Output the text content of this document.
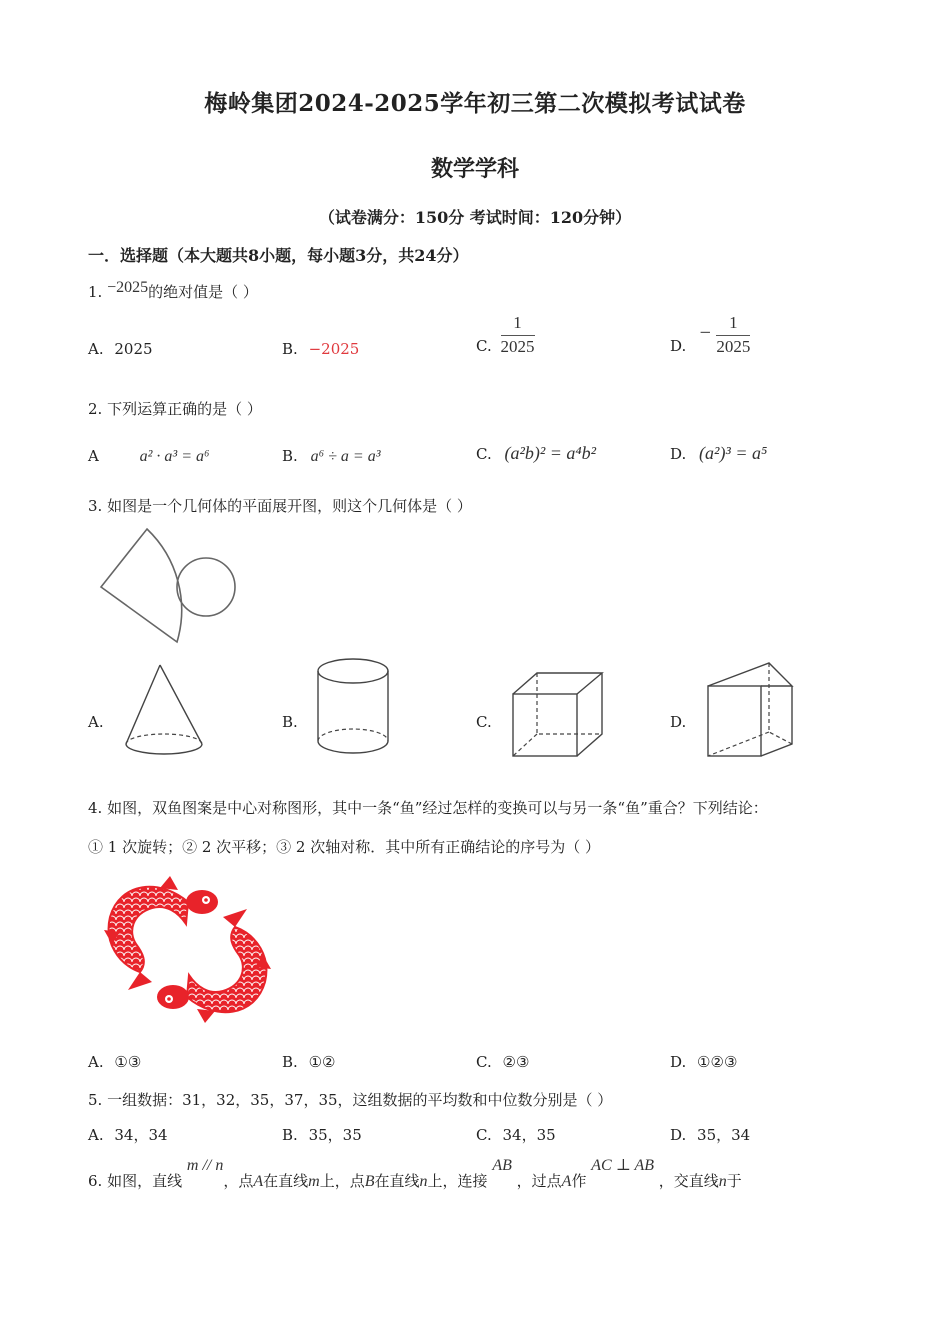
梅岭集团2024-2025学年初三第二次模拟考试试卷
数学学科
（试卷满分：150分 考试时间：120分钟）
一．选择题（本大题共8小题，每小题3分，共24分）
1. −2025的绝对值是（ ）
A. 2025	B. −2025	C. $\frac{1}{2025}$	D. − $\frac{1}{2025}$
2. 下列运算正确的是（ ）
A	a² · a³ = a⁶	B. a⁶ ÷ a = a³	C. (a²b)² = a⁴b²	D. (a²)³ = a⁵
3. 如图是一个几何体的平面展开图，则这个几何体是（ ）
A.	B.	C.	D.
4. 如图，双鱼图案是中心对称图形，其中一条“鱼”经过怎样的变换可以与另一条“鱼”重合？下列结论：
① 1 次旋转；② 2 次平移；③ 2 次轴对称．其中所有正确结论的序号为（ ）
A. ①③	B. ①②	C. ②③	D. ①②③
5. 一组数据：31，32，35，37，35，这组数据的平均数和中位数分别是（ ）
A. 34，34	B. 35，35	C. 34，35	D. 35，34
6. 如图，直线 m // n，点A在直线m上，点B在直线n上，连接 AB ，过点A作 AC ⊥ AB ，交直线n于
